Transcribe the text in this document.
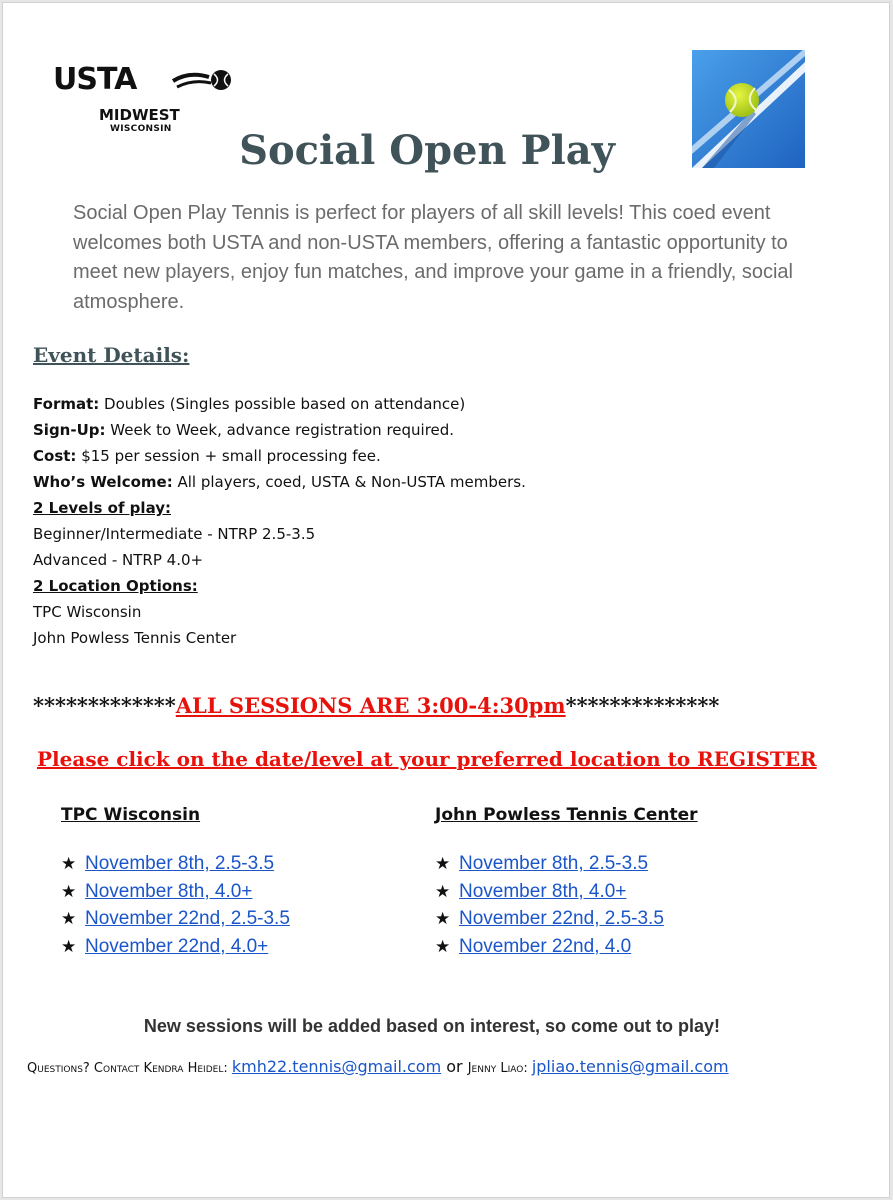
USTA
MIDWEST
WISCONSIN	Social Open Play
Social Open Play Tennis is perfect for players of all skill levels! This coed event welcomes both USTA and non-USTA members, offering a fantastic opportunity to meet new players, enjoy fun matches, and improve your game in a friendly, social atmosphere.
Event Details:
Format: Doubles (Singles possible based on attendance)
Sign-Up: Week to Week, advance registration required.
Cost: $15 per session + small processing fee.
Who’s Welcome: All players, coed, USTA & Non-USTA members.
2 Levels of play:
Beginner/Intermediate - NTRP 2.5-3.5
Advanced - NTRP 4.0+
2 Location Options:
TPC Wisconsin
John Powless Tennis Center
*************ALL SESSIONS ARE 3:00-4:30pm**************
Please click on the date/level at your preferred location to REGISTER
TPC Wisconsin	John Powless Tennis Center
★ November 8th, 2.5-3.5
★ November 8th, 4.0+
★ November 22nd, 2.5-3.5
★ November 22nd, 4.0+
★ November 8th, 2.5-3.5
★ November 8th, 4.0+
★ November 22nd, 2.5-3.5
★ November 22nd, 4.0
New sessions will be added based on interest, so come out to play!
Questions? Contact Kendra Heidel: kmh22.tennis@gmail.com or Jenny Liao: jpliao.tennis@gmail.com
